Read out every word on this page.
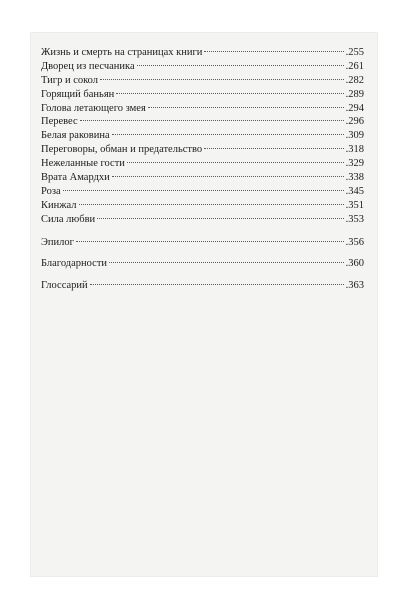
Жизнь и смерть на страницах книги	.255
Дворец из песчаника	.261
Тигр и сокол	.282
Горящий баньян	.289
Голова летающего змея	.294
Перевес	.296
Белая раковина	.309
Переговоры, обман и предательство	.318
Нежеланные гости	.329
Врата Амардхи	.338
Роза	.345
Кинжал	.351
Сила любви	.353
Эпилог	.356
Благодарности	.360
Глоссарий	.363
